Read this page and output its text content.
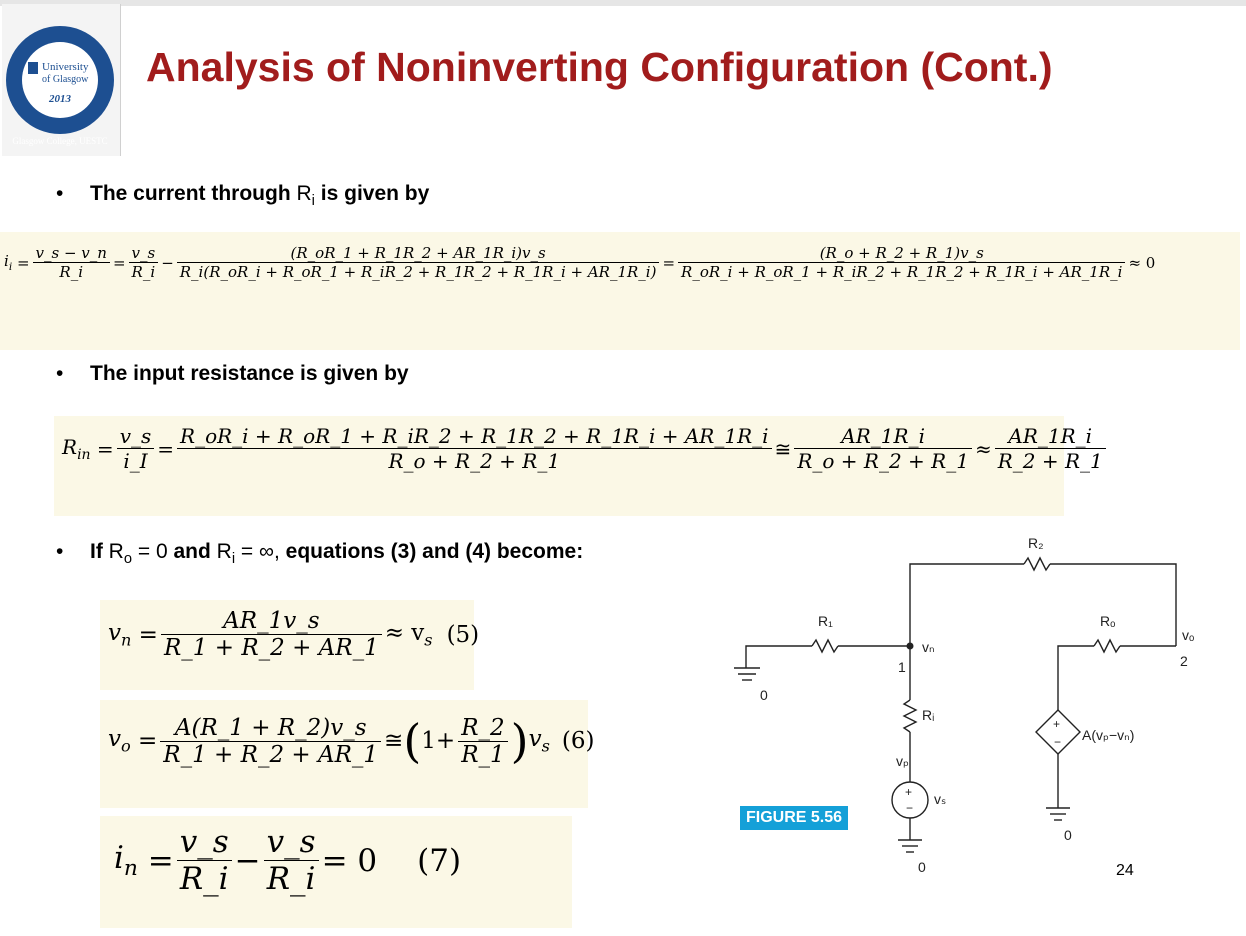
University
of Glasgow
2013
Glasgow College, UESTC
Analysis of Noninverting Configuration (Cont.)
• The current through $R_i$ is given by
$i_i = \frac{v\_s - v\_n}{R\_i} = \frac{v\_s}{R\_i} - \frac{(R\_oR\_1 + R\_1R\_2 + AR\_1R\_i)v\_s}{R\_i(R\_oR\_i + R\_oR\_1 + R\_iR\_2 + R\_1R\_2 + R\_1R\_i + AR\_1R\_i)} = \frac{(R\_o + R\_2 + R\_1)v\_s}{R\_oR\_i + R\_oR\_1 + R\_iR\_2 + R\_1R\_2 + R\_1R\_i + AR\_1R\_i} \approx 0$
• The input resistance is given by
$R_{in} = \frac{v\_s}{i\_I} = \frac{R\_oR\_i + R\_oR\_1 + R\_iR\_2 + R\_1R\_2 + R\_1R\_i + AR\_1R\_i}{R\_o + R\_2 + R\_1}$ ≅ $\frac{AR\_1R\_i}{R\_o + R\_2 + R\_1} \approx \frac{AR\_1R\_i}{R\_2 + R\_1}$
• If $R_o = 0$ and $R_i$ = ∞, equations (3) and (4) become:
$v_n = \frac{AR\_1v\_s}{R\_1 + R\_2 + AR\_1} \approx v_s$ (5)
$v_o = \frac{A(R\_1 + R\_2)v\_s}{R\_1 + R\_2 + AR\_1}$ ≅ ( $1+ \frac{R\_2}{R\_1}$ ) $v_s$ (6)
$i_n = \frac{v\_s}{R\_i} - \frac{v\_s}{R\_i} = 0$ (7)
R₂
R₁	Rₒ
Rᵢ
vₙ
vₒ
vₚ
vₛ
1	2
0
0
0
A(vₚ−vₙ)
+
−
+
−
FIGURE 5.56
24
